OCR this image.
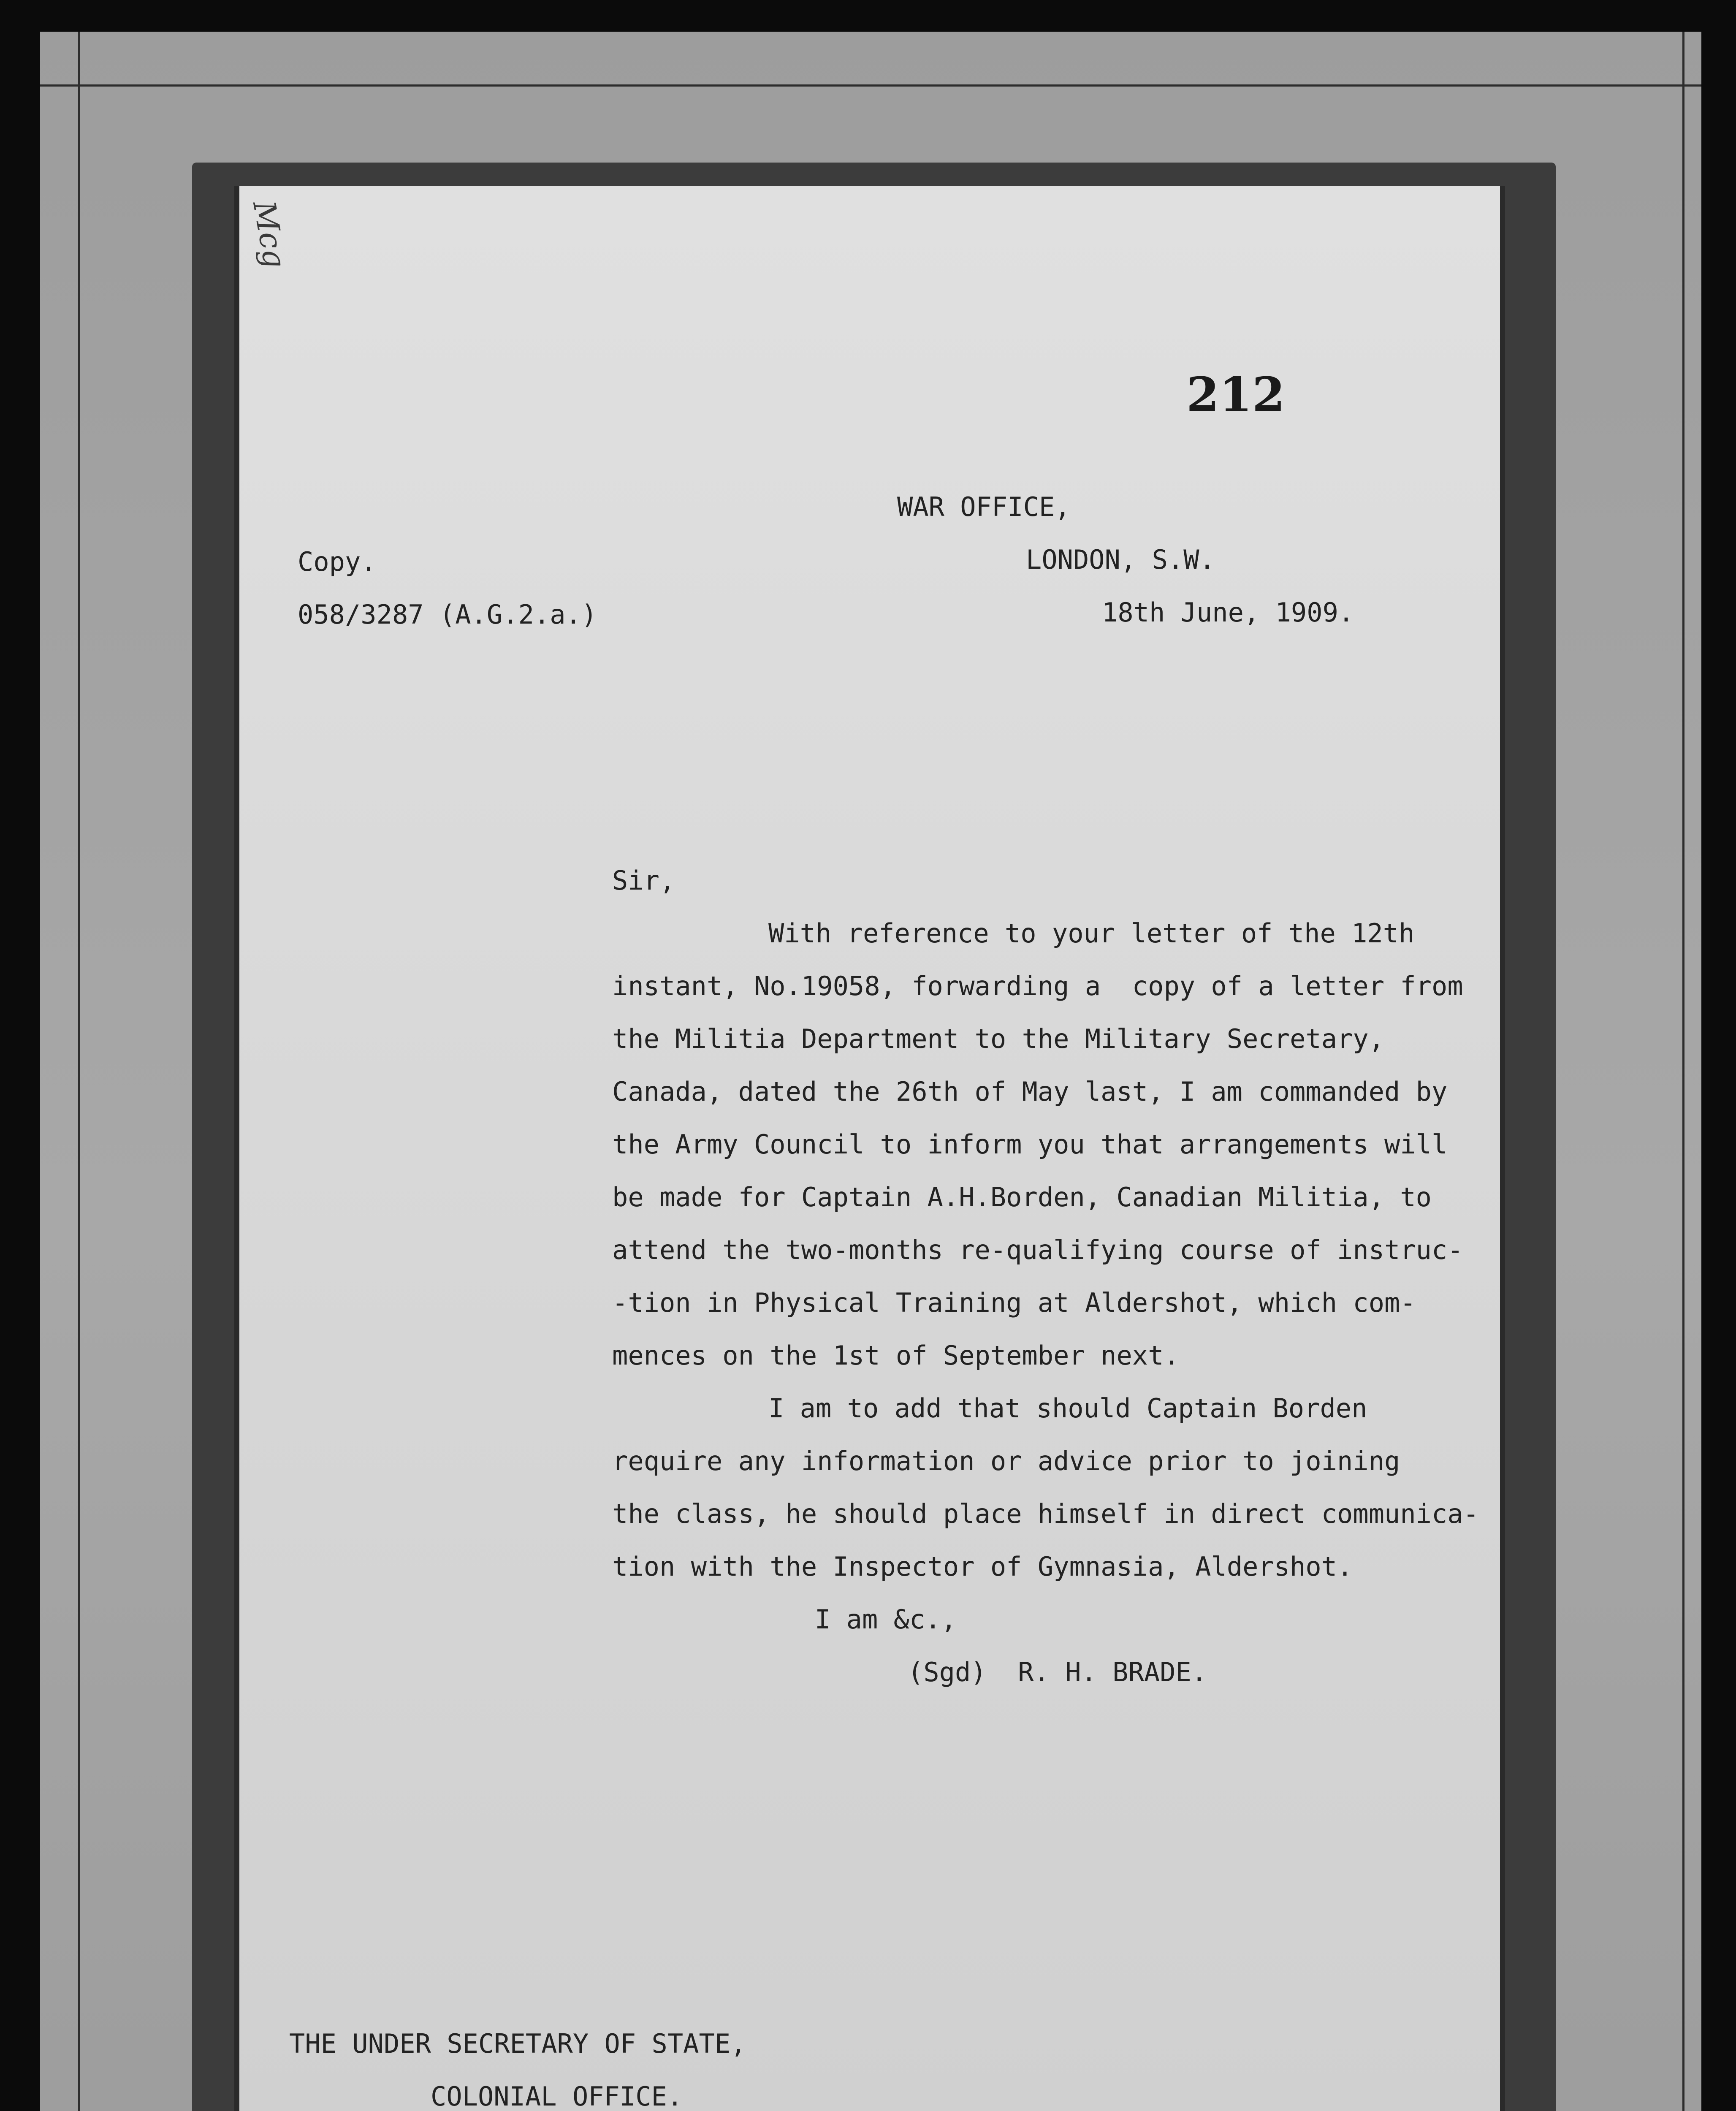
Mcg
212
WAR OFFICE,
LONDON, S.W.
18th June, 1909.
Copy.
058/3287 (A.G.2.a.)
Sir,
With reference to your letter of the 12th
instant, No.19058, forwarding a  copy of a letter from
the Militia Department to the Military Secretary,
Canada, dated the 26th of May last, I am commanded by
the Army Council to inform you that arrangements will
be made for Captain A.H.Borden, Canadian Militia, to
attend the two-months re-qualifying course of instruc-
-tion in Physical Training at Aldershot, which com-
mences on the 1st of September next.
I am to add that should Captain Borden
require any information or advice prior to joining
the class, he should place himself in direct communica-
tion with the Inspector of Gymnasia, Aldershot.
I am &c.,
(Sgd)  R. H. BRADE.
THE UNDER SECRETARY OF STATE,
COLONIAL OFFICE.
